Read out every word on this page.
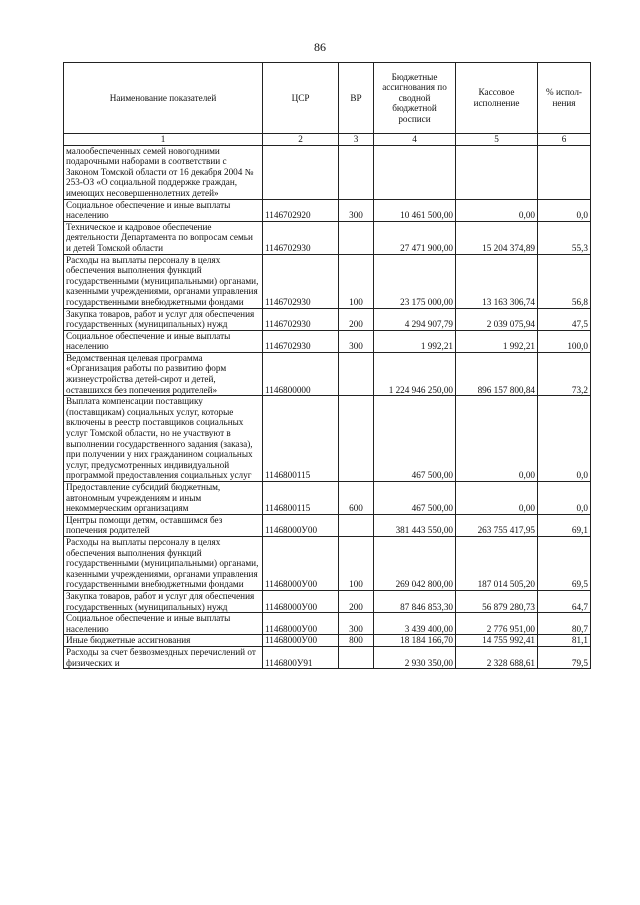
86
Наименование показателей	ЦСР	ВР	Бюджетные ассигнования по сводной бюджетной росписи	Кассовое исполнение	% испол-нения
1	2	3	4	5	6
малообеспеченных семей новогодними подарочными наборами в соответствии с Законом Томской области от 16 декабря 2004 № 253-ОЗ «О социальной поддержке граждан, имеющих несовершеннолетних детей»					
Социальное обеспечение и иные выплаты населению	1146702920	300	10 461 500,00	0,00	0,0
Техническое и кадровое обеспечение деятельности Департамента по вопросам семьи и детей Томской области	1146702930		27 471 900,00	15 204 374,89	55,3
Расходы на выплаты персоналу в целях обеспечения выполнения функций государственными (муниципальными) органами, казенными учреждениями, органами управления государственными внебюджетными фондами	1146702930	100	23 175 000,00	13 163 306,74	56,8
Закупка товаров, работ и услуг для обеспечения государственных (муниципальных) нужд	1146702930	200	4 294 907,79	2 039 075,94	47,5
Социальное обеспечение и иные выплаты населению	1146702930	300	1 992,21	1 992,21	100,0
Ведомственная целевая программа «Организация работы по развитию форм жизнеустройства детей-сирот и детей, оставшихся без попечения родителей»	1146800000		1 224 946 250,00	896 157 800,84	73,2
Выплата компенсации поставщику (поставщикам) социальных услуг, которые включены в реестр поставщиков социальных услуг Томской области, но не участвуют в выполнении государственного задания (заказа), при получении у них гражданином социальных услуг, предусмотренных индивидуальной программой предоставления социальных услуг	1146800115		467 500,00	0,00	0,0
Предоставление субсидий бюджетным, автономным учреждениям и иным некоммерческим организациям	1146800115	600	467 500,00	0,00	0,0
Центры помощи детям, оставшимся без попечения родителей	11468000У00		381 443 550,00	263 755 417,95	69,1
Расходы на выплаты персоналу в целях обеспечения выполнения функций государственными (муниципальными) органами, казенными учреждениями, органами управления государственными внебюджетными фондами	11468000У00	100	269 042 800,00	187 014 505,20	69,5
Закупка товаров, работ и услуг для обеспечения государственных (муниципальных) нужд	11468000У00	200	87 846 853,30	56 879 280,73	64,7
Социальное обеспечение и иные выплаты населению	11468000У00	300	3 439 400,00	2 776 951,00	80,7
Иные бюджетные ассигнования	11468000У00	800	18 184 166,70	14 755 992,41	81,1
Расходы за счет безвозмездных перечислений от физических и	1146800У91		2 930 350,00	2 328 688,61	79,5
